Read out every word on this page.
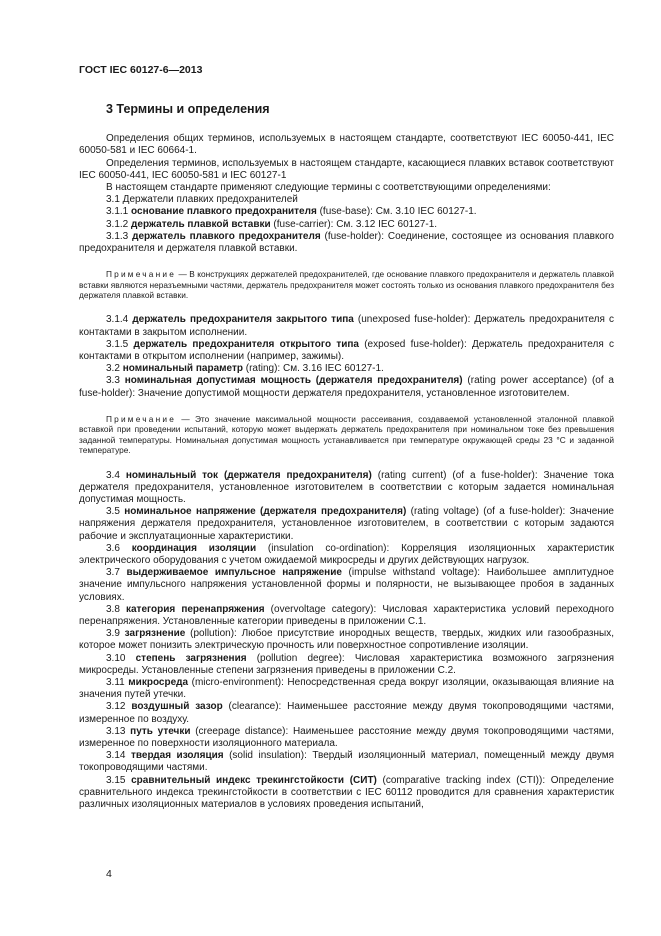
ГОСТ IEC 60127-6—2013

3 Термины и определения

Определения общих терминов, используемых в настоящем стандарте, соответствуют IEC 60050-441, IEC 60050-581 и IEC 60664-1.

Определения терминов, используемых в настоящем стандарте, касающиеся плавких вставок соответствуют IEC 60050-441, IEC 60050-581 и IEC 60127-1

В настоящем стандарте применяют следующие термины с соответствующими определениями:

3.1 Держатели плавких предохранителей

3.1.1 основание плавкого предохранителя (fuse-base): См. 3.10 IEC 60127-1.

3.1.2 держатель плавкой вставки (fuse-carrier): См. 3.12 IEC 60127-1.

3.1.3 держатель плавкого предохранителя (fuse-holder): Соединение, состоящее из основания плавкого предохранителя и держателя плавкой вставки.

Примечание — В конструкциях держателей предохранителей, где основание плавкого предохранителя и держатель плавкой вставки являются неразъемными частями, держатель предохранителя может состоять только из основания плавкого предохранителя без держателя плавкой вставки.

3.1.4 держатель предохранителя закрытого типа (unexposed fuse-holder): Держатель предохранителя с контактами в закрытом исполнении.

3.1.5 держатель предохранителя открытого типа (exposed fuse-holder): Держатель предохранителя с контактами в открытом исполнении (например, зажимы).

3.2 номинальный параметр (rating): См. 3.16 IEC 60127-1.

3.3 номинальная допустимая мощность (держателя предохранителя) (rating power acceptance) (of a fuse-holder): Значение допустимой мощности держателя предохранителя, установленное изготовителем.

Примечание — Это значение максимальной мощности рассеивания, создаваемой установленной эталонной плавкой вставкой при проведении испытаний, которую может выдержать держатель предохранителя при номинальном токе без превышения заданной температуры. Номинальная допустимая мощность устанавливается при температуре окружающей среды 23 °С и заданной температуре.

3.4 номинальный ток (держателя предохранителя) (rating current) (of a fuse-holder): Значение тока держателя предохранителя, установленное изготовителем в соответствии с которым задается номинальная допустимая мощность.

3.5 номинальное напряжение (держателя предохранителя) (rating voltage) (of a fuse-holder): Значение напряжения держателя предохранителя, установленное изготовителем, в соответствии с которым задаются рабочие и эксплуатационные характеристики.

3.6 координация изоляции (insulation co-ordination): Корреляция изоляционных характеристик электрического оборудования с учетом ожидаемой микросреды и других действующих нагрузок.

3.7 выдерживаемое импульсное напряжение (impulse withstand voltage): Наибольшее амплитудное значение импульсного напряжения установленной формы и полярности, не вызывающее пробоя в заданных условиях.

3.8 категория перенапряжения (overvoltage category): Числовая характеристика условий переходного перенапряжения. Установленные категории приведены в приложении С.1.

3.9 загрязнение (pollution): Любое присутствие инородных веществ, твердых, жидких или газообразных, которое может понизить электрическую прочность или поверхностное сопротивление изоляции.

3.10 степень загрязнения (pollution degree): Числовая характеристика возможного загрязнения микросреды. Установленные степени загрязнения приведены в приложении С.2.

3.11 микросреда (micro-environment): Непосредственная среда вокруг изоляции, оказывающая влияние на значения путей утечки.

3.12 воздушный зазор (clearance): Наименьшее расстояние между двумя токопроводящими частями, измеренное по воздуху.

3.13 путь утечки (creepage distance): Наименьшее расстояние между двумя токопроводящими частями, измеренное по поверхности изоляционного материала.

3.14 твердая изоляция (solid insulation): Твердый изоляционный материал, помещенный между двумя токопроводящими частями.

3.15 сравнительный индекс трекингстойкости (СИТ) (comparative tracking index (CTI)): Определение сравнительного индекса трекингстойкости в соответствии с IEC 60112 проводится для сравнения характеристик различных изоляционных материалов в условиях проведения испытаний,

4
